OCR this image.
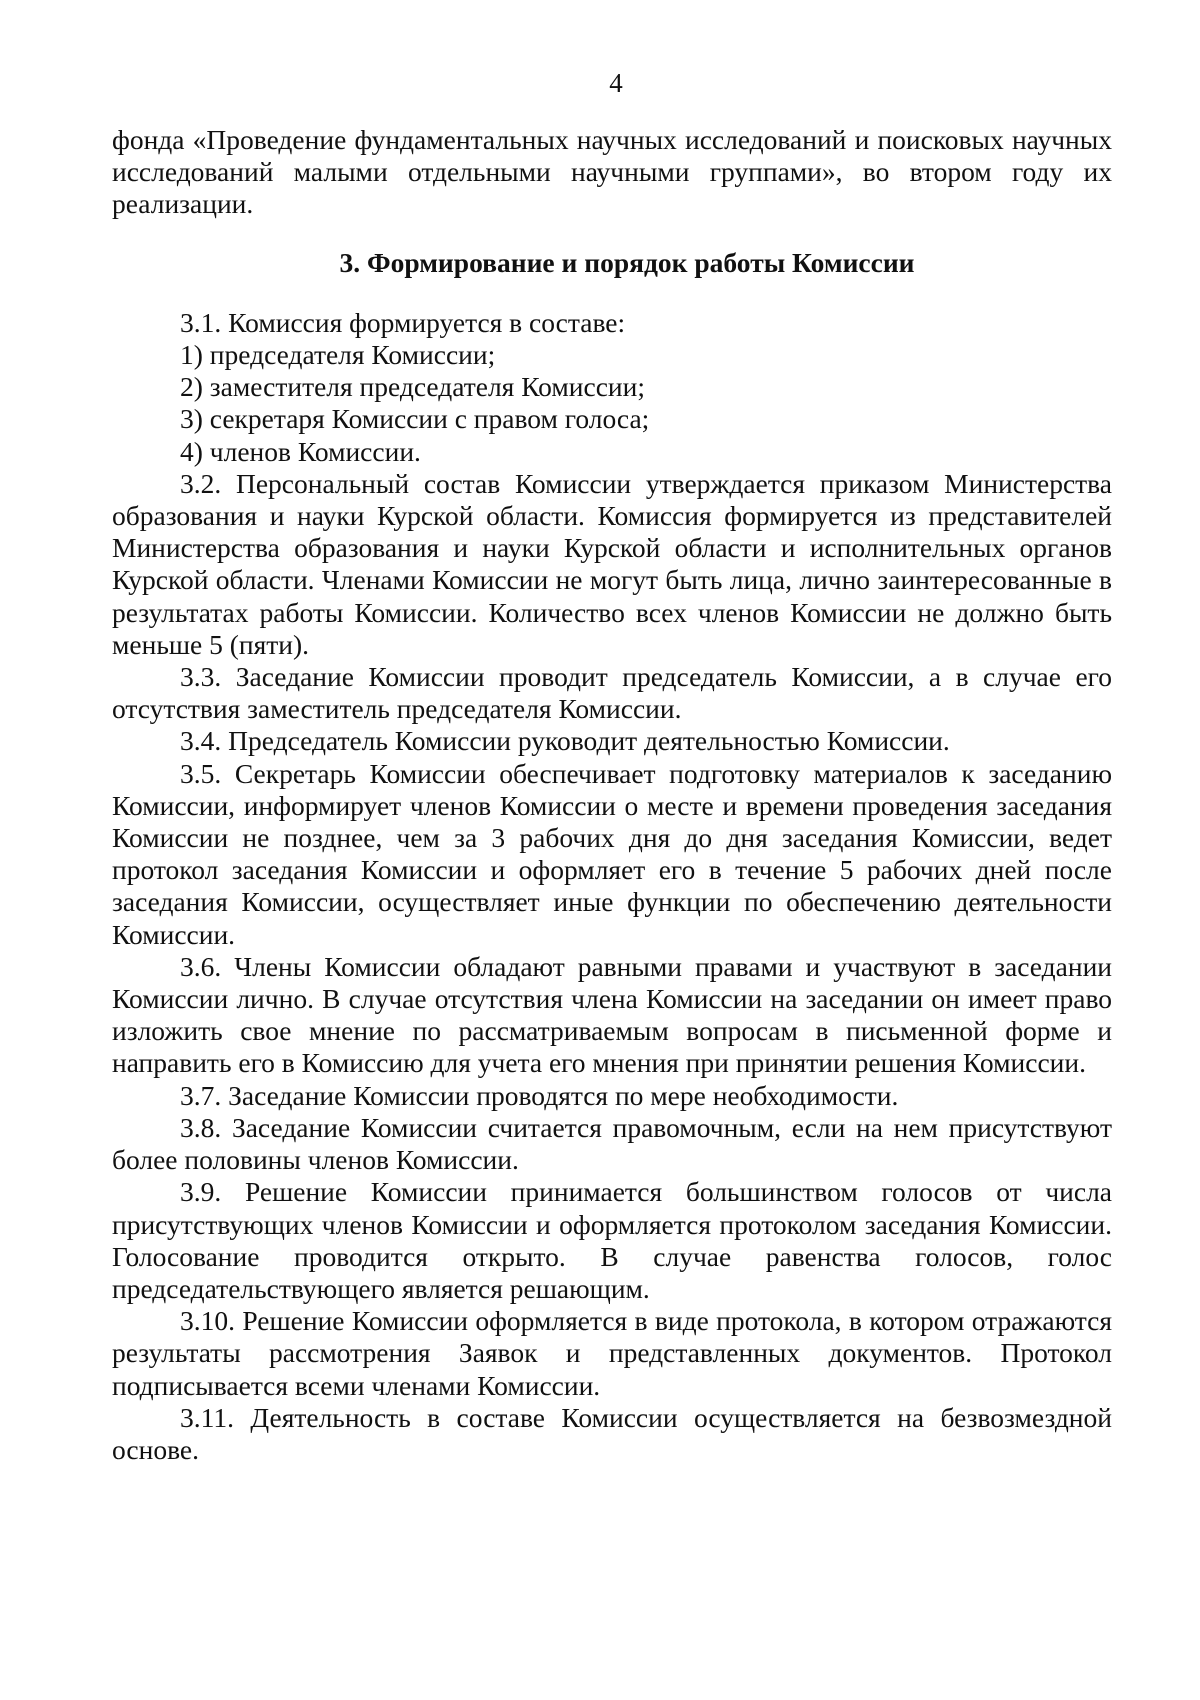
4

фонда «Проведение фундаментальных научных исследований и поисковых научных исследований малыми отдельными научными группами», во втором году их реализации.

3. Формирование и порядок работы Комиссии

3.1. Комиссия формируется в составе:

1) председателя Комиссии;

2) заместителя председателя Комиссии;

3) секретаря Комиссии с правом голоса;

4) членов Комиссии.

3.2. Персональный состав Комиссии утверждается приказом Министерства образования и науки Курской области. Комиссия формируется из представителей Министерства образования и науки Курской области и исполнительных органов Курской области. Членами Комиссии не могут быть лица, лично заинтересованные в результатах работы Комиссии. Количество всех членов Комиссии не должно быть меньше 5 (пяти).

3.3. Заседание Комиссии проводит председатель Комиссии, а в случае его отсутствия заместитель председателя Комиссии.

3.4. Председатель Комиссии руководит деятельностью Комиссии.

3.5. Секретарь Комиссии обеспечивает подготовку материалов к заседанию Комиссии, информирует членов Комиссии о месте и времени проведения заседания Комиссии не позднее, чем за 3 рабочих дня до дня заседания Комиссии, ведет протокол заседания Комиссии и оформляет его в течение 5 рабочих дней после заседания Комиссии, осуществляет иные функции по обеспечению деятельности Комиссии.

3.6. Члены Комиссии обладают равными правами и участвуют в заседании Комиссии лично. В случае отсутствия члена Комиссии на заседании он имеет право изложить свое мнение по рассматриваемым вопросам в письменной форме и направить его в Комиссию для учета его мнения при принятии решения Комиссии.

3.7. Заседание Комиссии проводятся по мере необходимости.

3.8. Заседание Комиссии считается правомочным, если на нем присутствуют более половины членов Комиссии.

3.9. Решение Комиссии принимается большинством голосов от числа присутствующих членов Комиссии и оформляется протоколом заседания Комиссии. Голосование проводится открыто. В случае равенства голосов, голос председательствующего является решающим.

3.10. Решение Комиссии оформляется в виде протокола, в котором отражаются результаты рассмотрения Заявок и представленных документов. Протокол подписывается всеми членами Комиссии.

3.11. Деятельность в составе Комиссии осуществляется на безвозмездной основе.
